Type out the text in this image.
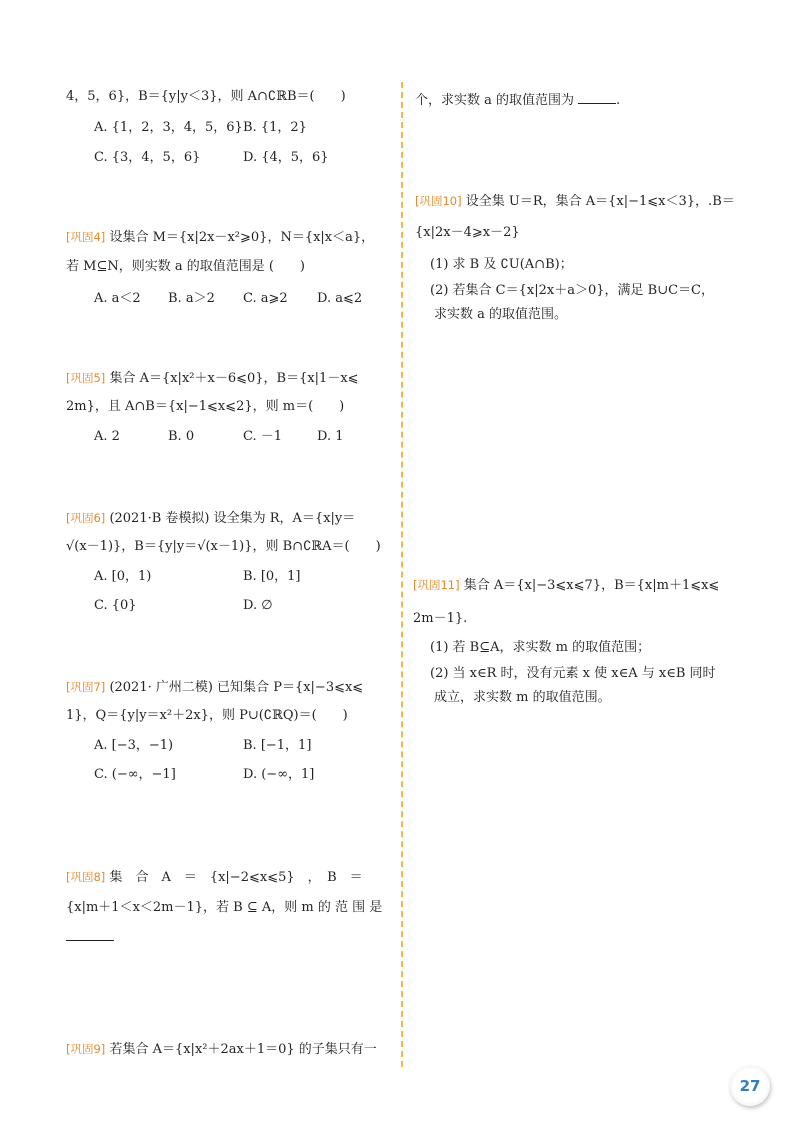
4，5，6}，B＝{y|y＜3}，则 A∩∁ℝB＝(　　)
A. {1，2，3，4，5，6} B. {1，2}
C. {3，4，5，6}	D. {4，5，6}
[巩固4] 设集合 M＝{x|2x－x²⩾0}，N＝{x|x＜a}，
若 M⊆N，则实数 a 的取值范围是 (　　)
A. a＜2 B. a＞2 C. a⩾2 D. a⩽2
[巩固5] 集合 A＝{x|x²＋x－6⩽0}，B＝{x|1－x⩽
2m}，且 A∩B＝{x|−1⩽x⩽2}，则 m＝(　　)
A. 2	B. 0	C. －1	D. 1
[巩固6] (2021·B 卷模拟) 设全集为 R，A＝{x|y＝
√(x－1)}，B＝{y|y＝√(x－1)}，则 B∩∁ℝA＝(　　)
A. [0，1)	B. [0，1]
C. {0}	D. ∅
[巩固7] (2021· 广州二模) 已知集合 P＝{x|−3⩽x⩽
1}，Q＝{y|y＝x²＋2x}，则 P∪(∁ℝQ)＝(　　)
A. [−3，−1)	B. [−1，1]
C. (−∞，−1]	D. (−∞，1]
[巩固8] 集　合　A　＝　{x|−2⩽x⩽5}　，　B　＝
{x|m＋1＜x＜2m－1}，若 B ⊆ A，则 m 的 范 围 是
[巩固9] 若集合 A＝{x|x²＋2ax＋1＝0} 的子集只有一
个，求实数 a 的取值范围为	.
[巩固10] 设全集 U＝R，集合 A＝{x|−1⩽x＜3}，.B＝
{x|2x－4⩾x－2}
(1) 求 B 及 ∁U(A∩B)；
(2) 若集合 C＝{x|2x＋a＞0}，满足 B∪C＝C，
求实数 a 的取值范围。
[巩固11] 集合 A＝{x|−3⩽x⩽7}，B＝{x|m＋1⩽x⩽
2m－1}.
(1) 若 B⊆A，求实数 m 的取值范围；
(2) 当 x∈R 时，没有元素 x 使 x∈A 与 x∈B 同时
成立，求实数 m 的取值范围。
27
